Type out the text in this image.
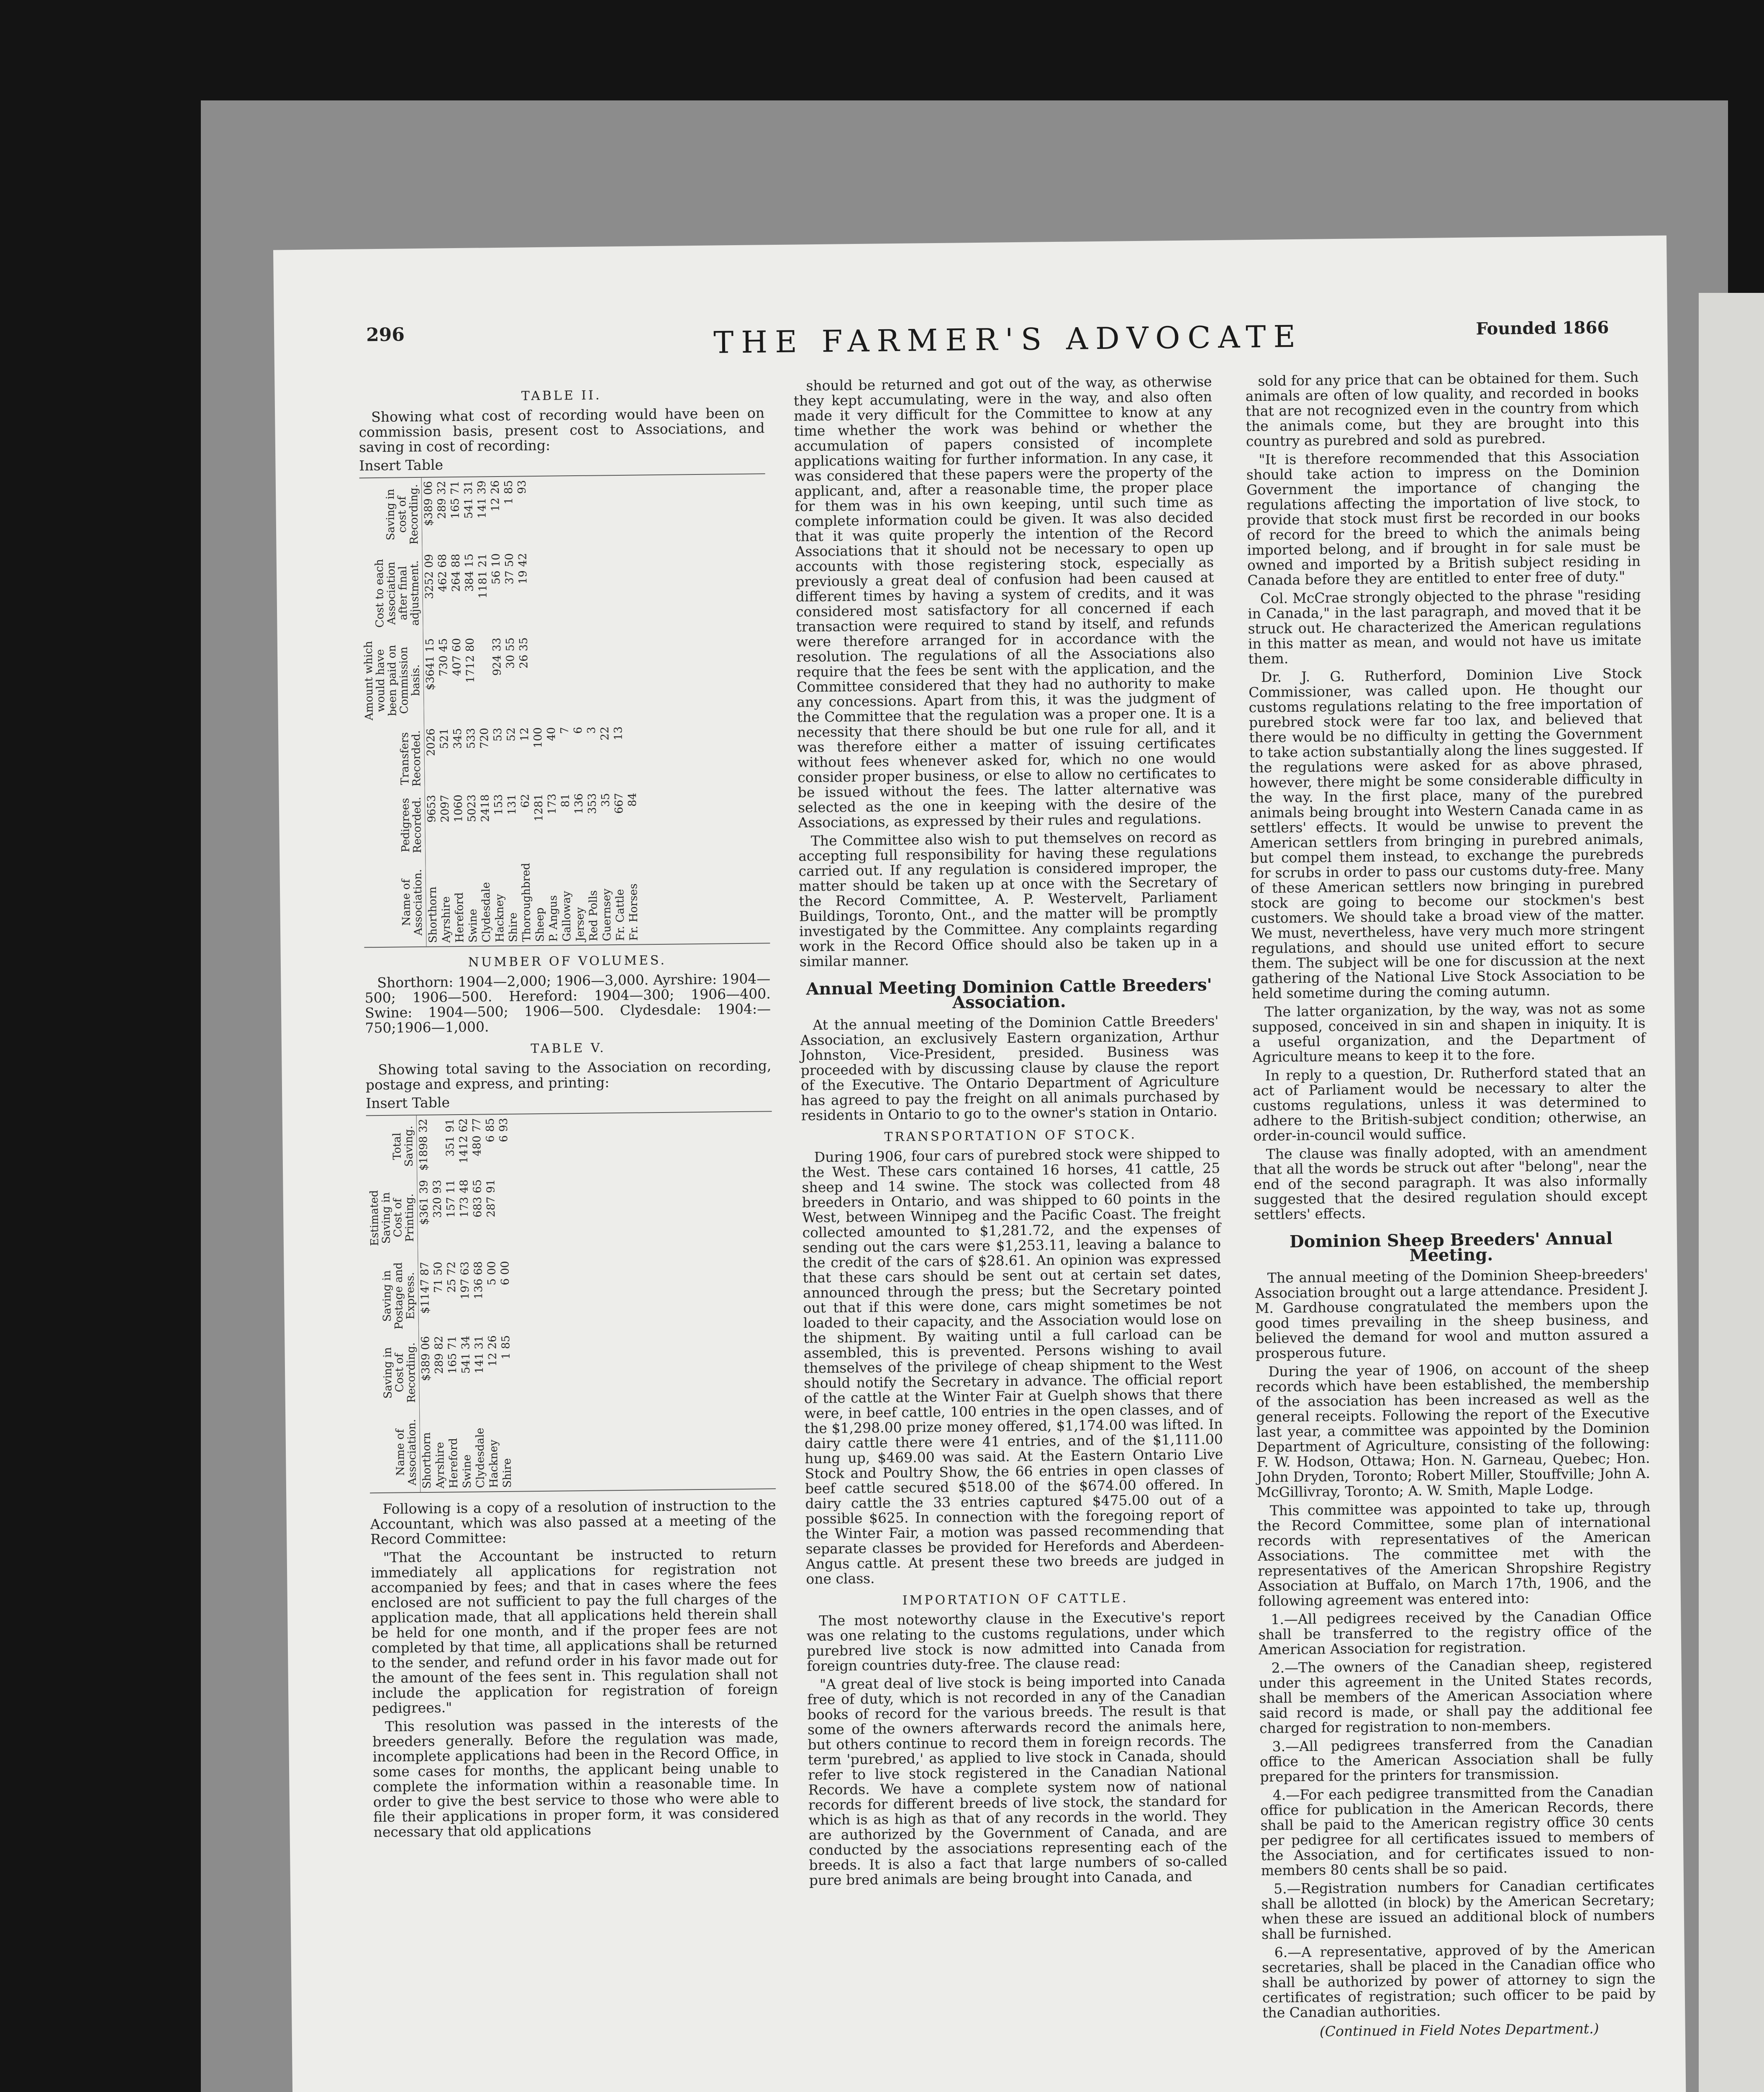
296	THE FARMER'S ADVOCATE	Founded 1866
TABLE II.

Showing what cost of recording would have been on commission basis, present cost to Associations, and saving in cost of recording:

Insert Table
Name of Association.	Pedigrees Recorded.	Transfers Recorded.	Amount which would have been paid on Commission basis.	Cost to each Association after final adjustment.	Saving in cost of Recording.
Shorthorn	9653	2026	$3641 15	3252 09	$389 06
Ayrshire	2097	521	730 45	462 68	289 32
Hereford	1060	345	407 60	264 88	165 71
Swine	5023	533	1712 80	384 15	541 31
Clydesdale	2418	720		1181 21	141 39
Hackney	153	53	924 33	56 10	12 26
Shire	131	52	30 55	37 50	1 85
Thoroughbred	62	12	26 35	19 42	93
Sheep	1281	100			
P. Angus	173	40			
Galloway	81	7			
Jersey	136	6			
Red Polls	353	3			
Guernsey	35	22			
Fr. Cattle	667	13			
Fr. Horses	84				
NUMBER OF VOLUMES.

Shorthorn: 1904—2,000; 1906—3,000. Ayrshire: 1904—500; 1906—500. Hereford: 1904—300; 1906—400. Swine: 1904—500; 1906—500. Clydesdale: 1904:—750;1906—1,000.

TABLE V.

Showing total saving to the Association on recording, postage and express, and printing:

Insert Table
Name of Association.	Saving in Cost of Recording.	Saving in Postage and Express.	Estimated Saving in Cost of Printing.	Total Saving.
Shorthorn	$389 06	$1147 87	$361 39	$1898 32
Ayrshire	289 82	71 50	320 93	
Hereford	165 71	25 72	157 11	351 91
Swine	541 34	197 63	173 48	1412 62
Clydesdale	141 31	136 68	683 65	480 77
Hackney	12 26	5 00	287 91	6 85
Shire	1 85	6 00		6 93

Following is a copy of a resolution of instruction to the Accountant, which was also passed at a meeting of the Record Committee:

"That the Accountant be instructed to return immediately all applications for registration not accompanied by fees; and that in cases where the fees enclosed are not sufficient to pay the full charges of the application made, that all applications held therein shall be held for one month, and if the proper fees are not completed by that time, all applications shall be returned to the sender, and refund order in his favor made out for the amount of the fees sent in. This regulation shall not include the application for registration of foreign pedigrees."

This resolution was passed in the interests of the breeders generally. Before the regulation was made, incomplete applications had been in the Record Office, in some cases for months, the applicant being unable to complete the information within a reasonable time. In order to give the best service to those who were able to file their applications in proper form, it was considered necessary that old applications

should be returned and got out of the way, as otherwise they kept accumulating, were in the way, and also often made it very difficult for the Committee to know at any time whether the work was behind or whether the accumulation of papers consisted of incomplete applications waiting for further information. In any case, it was considered that these papers were the property of the applicant, and, after a reasonable time, the proper place for them was in his own keeping, until such time as complete information could be given. It was also decided that it was quite properly the intention of the Record Associations that it should not be necessary to open up accounts with those registering stock, especially as previously a great deal of confusion had been caused at different times by having a system of credits, and it was considered most satisfactory for all concerned if each transaction were required to stand by itself, and refunds were therefore arranged for in accordance with the resolution. The regulations of all the Associations also require that the fees be sent with the application, and the Committee considered that they had no authority to make any concessions. Apart from this, it was the judgment of the Committee that the regulation was a proper one. It is a necessity that there should be but one rule for all, and it was therefore either a matter of issuing certificates without fees whenever asked for, which no one would consider proper business, or else to allow no certificates to be issued without the fees. The latter alternative was selected as the one in keeping with the desire of the Associations, as expressed by their rules and regulations.

The Committee also wish to put themselves on record as accepting full responsibility for having these regulations carried out. If any regulation is considered improper, the matter should be taken up at once with the Secretary of the Record Committee, A. P. Westervelt, Parliament Buildings, Toronto, Ont., and the matter will be promptly investigated by the Committee. Any complaints regarding work in the Record Office should also be taken up in a similar manner.

Annual Meeting Dominion Cattle Breeders' Association.

At the annual meeting of the Dominion Cattle Breeders' Association, an exclusively Eastern organization, Arthur Johnston, Vice-President, presided. Business was proceeded with by discussing clause by clause the report of the Executive. The Ontario Department of Agriculture has agreed to pay the freight on all animals purchased by residents in Ontario to go to the owner's station in Ontario.

TRANSPORTATION OF STOCK.

During 1906, four cars of purebred stock were shipped to the West. These cars contained 16 horses, 41 cattle, 25 sheep and 14 swine. The stock was collected from 48 breeders in Ontario, and was shipped to 60 points in the West, between Winnipeg and the Pacific Coast. The freight collected amounted to $1,281.72, and the expenses of sending out the cars were $1,253.11, leaving a balance to the credit of the cars of $28.61. An opinion was expressed that these cars should be sent out at certain set dates, announced through the press; but the Secretary pointed out that if this were done, cars might sometimes be not loaded to their capacity, and the Association would lose on the shipment. By waiting until a full carload can be assembled, this is prevented. Persons wishing to avail themselves of the privilege of cheap shipment to the West should notify the Secretary in advance. The official report of the cattle at the Winter Fair at Guelph shows that there were, in beef cattle, 100 entries in the open classes, and of the $1,298.00 prize money offered, $1,174.00 was lifted. In dairy cattle there were 41 entries, and of the $1,111.00 hung up, $469.00 was said. At the Eastern Ontario Live Stock and Poultry Show, the 66 entries in open classes of beef cattle secured $518.00 of the $674.00 offered. In dairy cattle the 33 entries captured $475.00 out of a possible $625. In connection with the foregoing report of the Winter Fair, a motion was passed recommending that separate classes be provided for Herefords and Aberdeen-Angus cattle. At present these two breeds are judged in one class.

IMPORTATION OF CATTLE.

The most noteworthy clause in the Executive's report was one relating to the customs regulations, under which purebred live stock is now admitted into Canada from foreign countries duty-free. The clause read:

"A great deal of live stock is being imported into Canada free of duty, which is not recorded in any of the Canadian books of record for the various breeds. The result is that some of the owners afterwards record the animals here, but others continue to record them in foreign records. The term 'purebred,' as applied to live stock in Canada, should refer to live stock registered in the Canadian National Records. We have a complete system now of national records for different breeds of live stock, the standard for which is as high as that of any records in the world. They are authorized by the Government of Canada, and are conducted by the associations representing each of the breeds. It is also a fact that large numbers of so-called pure bred animals are being brought into Canada, and

sold for any price that can be obtained for them. Such animals are often of low quality, and recorded in books that are not recognized even in the country from which the animals come, but they are brought into this country as purebred and sold as purebred.

"It is therefore recommended that this Association should take action to impress on the Dominion Government the importance of changing the regulations affecting the importation of live stock, to provide that stock must first be recorded in our books of record for the breed to which the animals being imported belong, and if brought in for sale must be owned and imported by a British subject residing in Canada before they are entitled to enter free of duty."

Col. McCrae strongly objected to the phrase "residing in Canada," in the last paragraph, and moved that it be struck out. He characterized the American regulations in this matter as mean, and would not have us imitate them.

Dr. J. G. Rutherford, Dominion Live Stock Commissioner, was called upon. He thought our customs regulations relating to the free importation of purebred stock were far too lax, and believed that there would be no difficulty in getting the Government to take action substantially along the lines suggested. If the regulations were asked for as above phrased, however, there might be some considerable difficulty in the way. In the first place, many of the purebred animals being brought into Western Canada came in as settlers' effects. It would be unwise to prevent the American settlers from bringing in purebred animals, but compel them instead, to exchange the purebreds for scrubs in order to pass our customs duty-free. Many of these American settlers now bringing in purebred stock are going to become our stockmen's best customers. We should take a broad view of the matter. We must, nevertheless, have very much more stringent regulations, and should use united effort to secure them. The subject will be one for discussion at the next gathering of the National Live Stock Association to be held sometime during the coming autumn.

The latter organization, by the way, was not as some supposed, conceived in sin and shapen in iniquity. It is a useful organization, and the Department of Agriculture means to keep it to the fore.

In reply to a question, Dr. Rutherford stated that an act of Parliament would be necessary to alter the customs regulations, unless it was determined to adhere to the British-subject condition; otherwise, an order-in-council would suffice.

The clause was finally adopted, with an amendment that all the words be struck out after "belong", near the end of the second paragraph. It was also informally suggested that the desired regulation should except settlers' effects.

Dominion Sheep Breeders' Annual Meeting.

The annual meeting of the Dominion Sheep-breeders' Association brought out a large attendance. President J. M. Gardhouse congratulated the members upon the good times prevailing in the sheep business, and believed the demand for wool and mutton assured a prosperous future.

During the year of 1906, on account of the sheep records which have been established, the membership of the association has been increased as well as the general receipts. Following the report of the Executive last year, a committee was appointed by the Dominion Department of Agriculture, consisting of the following: F. W. Hodson, Ottawa; Hon. N. Garneau, Quebec; Hon. John Dryden, Toronto; Robert Miller, Stouffville; John A. McGillivray, Toronto; A. W. Smith, Maple Lodge.

This committee was appointed to take up, through the Record Committee, some plan of international records with representatives of the American Associations. The committee met with the representatives of the American Shropshire Registry Association at Buffalo, on March 17th, 1906, and the following agreement was entered into:

1.—All pedigrees received by the Canadian Office shall be transferred to the registry office of the American Association for registration.

2.—The owners of the Canadian sheep, registered under this agreement in the United States records, shall be members of the American Association where said record is made, or shall pay the additional fee charged for registration to non-members.

3.—All pedigrees transferred from the Canadian office to the American Association shall be fully prepared for the printers for transmission.

4.—For each pedigree transmitted from the Canadian office for publication in the American Records, there shall be paid to the American registry office 30 cents per pedigree for all certificates issued to members of the Association, and for certificates issued to non-members 80 cents shall be so paid.

5.—Registration numbers for Canadian certificates shall be allotted (in block) by the American Secretary; when these are issued an additional block of numbers shall be furnished.

6.—A representative, approved of by the American secretaries, shall be placed in the Canadian office who shall be authorized by power of attorney to sign the certificates of registration; such officer to be paid by the Canadian authorities.

(Continued in Field Notes Department.)
